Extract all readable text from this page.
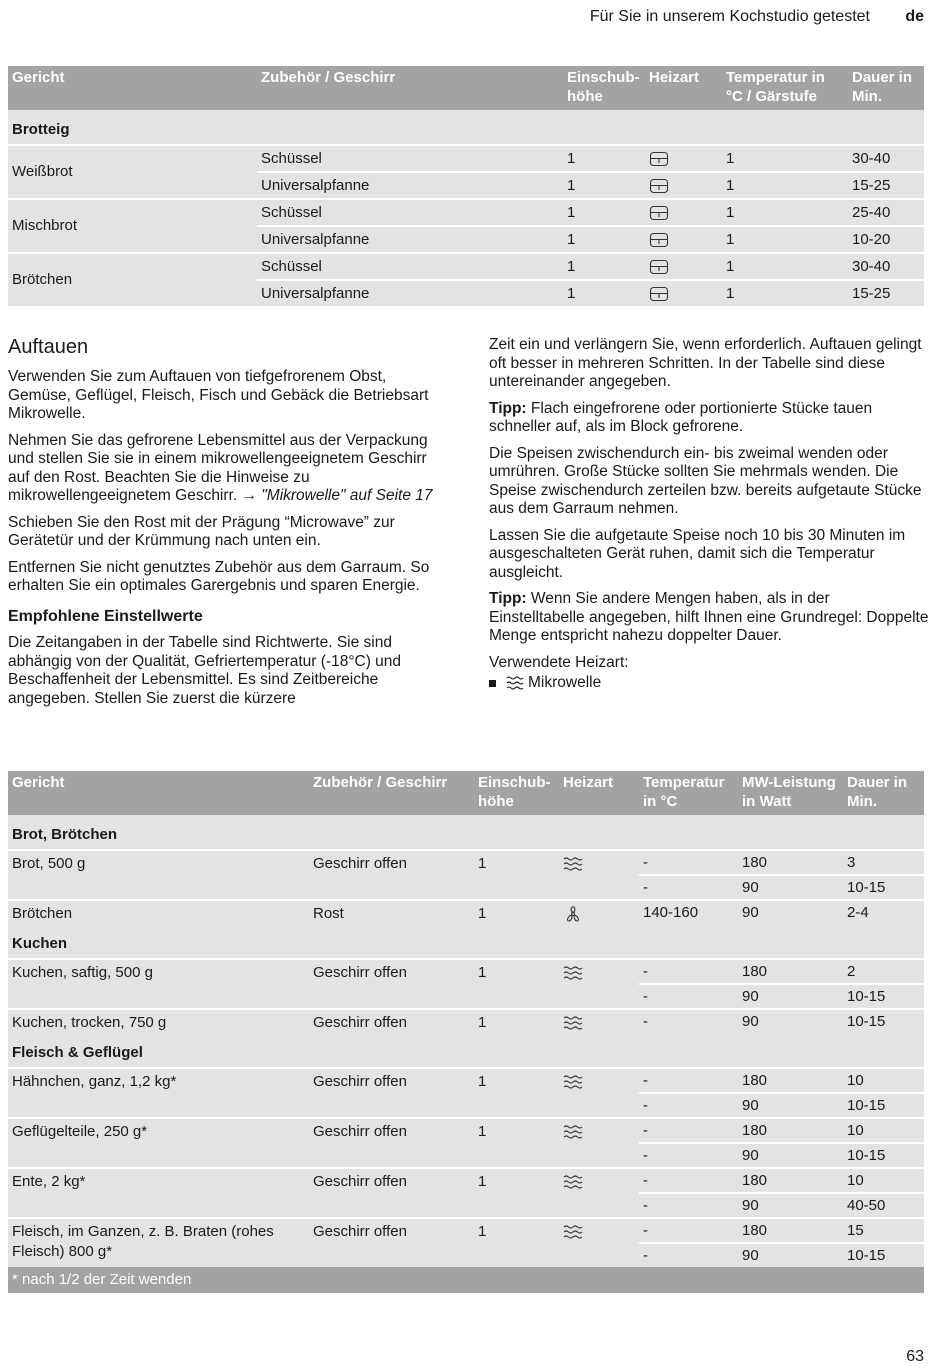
Für Sie in unserem Kochstudio getestet de
Gericht	Zubehör / Geschirr	Einschub-höhe	Heizart	Temperatur in °C / Gärstufe	Dauer in Min.
Brotteig					
Weißbrot	Schüssel	1		1	30-40
	Universalpfanne	1		1	15-25
Mischbrot	Schüssel	1		1	25-40
	Universalpfanne	1		1	10-20
Brötchen	Schüssel	1		1	30-40
	Universalpfanne	1		1	15-25
Auftauen

Verwenden Sie zum Auftauen von tiefgefrorenem Obst, Gemüse, Geflügel, Fleisch, Fisch und Gebäck die Betriebsart Mikrowelle.

Nehmen Sie das gefrorene Lebensmittel aus der Verpackung und stellen Sie sie in einem mikrowellengeeignetem Geschirr auf den Rost. Beachten Sie die Hinweise zu mikrowellengeeignetem Geschirr. → "Mikrowelle" auf Seite 17

Schieben Sie den Rost mit der Prägung “Microwave” zur Gerätetür und der Krümmung nach unten ein.

Entfernen Sie nicht genutztes Zubehör aus dem Garraum. So erhalten Sie ein optimales Garergebnis und sparen Energie.

Empfohlene Einstellwerte

Die Zeitangaben in der Tabelle sind Richtwerte. Sie sind abhängig von der Qualität, Gefriertemperatur (-18°C) und Beschaffenheit der Lebensmittel. Es sind Zeitbereiche angegeben. Stellen Sie zuerst die kürzere

Zeit ein und verlängern Sie, wenn erforderlich. Auftauen gelingt oft besser in mehreren Schritten. In der Tabelle sind diese untereinander angegeben.

Tipp: Flach eingefrorene oder portionierte Stücke tauen schneller auf, als im Block gefrorene.

Die Speisen zwischendurch ein- bis zweimal wenden oder umrühren. Große Stücke sollten Sie mehrmals wenden. Die Speise zwischendurch zerteilen bzw. bereits aufgetaute Stücke aus dem Garraum nehmen.

Lassen Sie die aufgetaute Speise noch 10 bis 30 Minuten im ausgeschalteten Gerät ruhen, damit sich die Temperatur ausgleicht.

Tipp: Wenn Sie andere Mengen haben, als in der Einstelltabelle angegeben, hilft Ihnen eine Grundregel: Doppelte Menge entspricht nahezu doppelter Dauer.

Verwendete Heizart:

Mikrowelle
Gericht	Zubehör / Geschirr	Einschub-höhe	Heizart	Temperatur in °C	MW-Leistung in Watt	Dauer in Min.
Brot, Brötchen						
Brot, 500 g	Geschirr offen	1		-	180	3
				-	90	10-15
Brötchen	Rost	1		140-160	90	2-4
Kuchen						
Kuchen, saftig, 500 g	Geschirr offen	1		-	180	2
				-	90	10-15
Kuchen, trocken, 750 g	Geschirr offen	1		-	90	10-15
Fleisch & Geflügel						
Hähnchen, ganz, 1,2 kg*	Geschirr offen	1		-	180	10
				-	90	10-15
Geflügelteile, 250 g*	Geschirr offen	1		-	180	10
				-	90	10-15
Ente, 2 kg*	Geschirr offen	1		-	180	10
				-	90	40-50
Fleisch, im Ganzen, z. B. Braten (rohes Fleisch) 800 g*	Geschirr offen	1		-	180	15
				-	90	10-15
* nach 1/2 der Zeit wenden						
63
